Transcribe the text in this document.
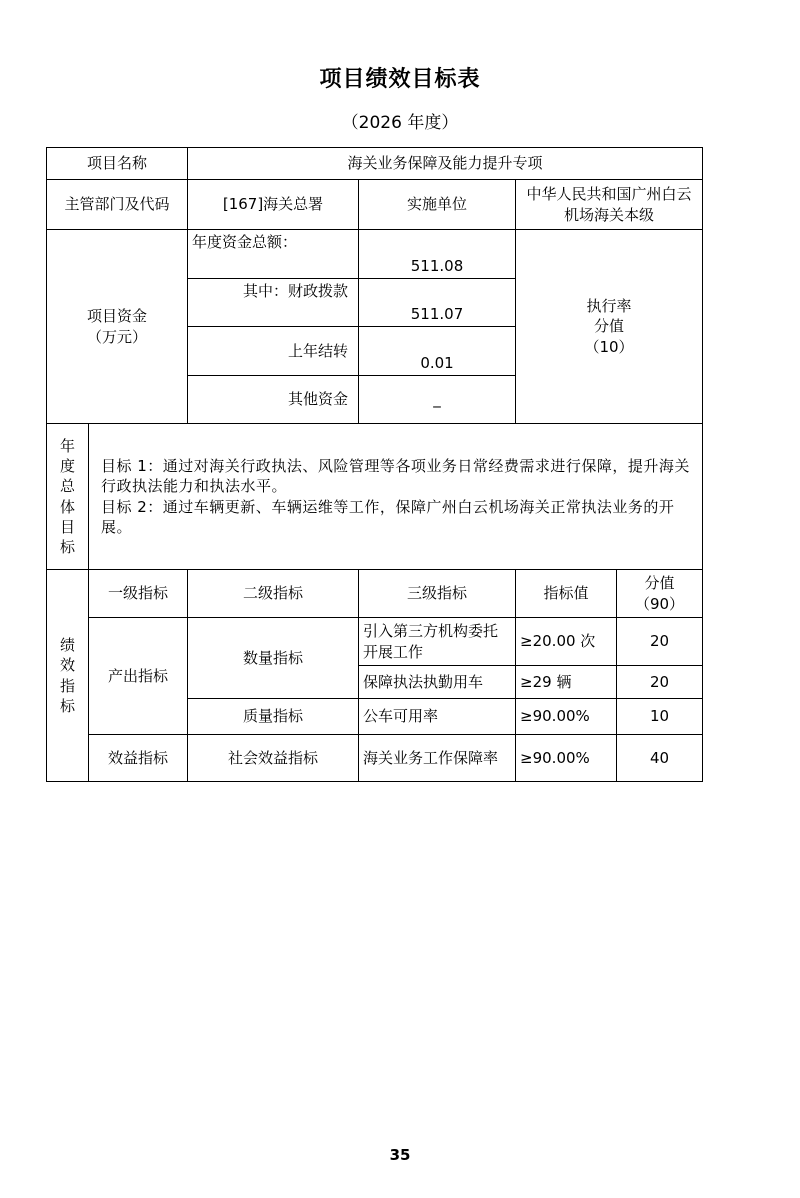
项目绩效目标表
（2026 年度）
项目名称		海关业务保障及能力提升专项			
主管部门及代码		[167]海关总署	实施单位	中华人民共和国广州白云机场海关本级	
项目资金
（万元）		年度资金总额：	511.08	执行率
分值
（10）	
		其中：财政拨款	511.07		
		上年结转	0.01		
		其他资金	_		
年度总体目标	目标 1：通过对海关行政执法、风险管理等各项业务日常经费需求进行保障，提升海关行政执法能力和执法水平。
目标 2：通过车辆更新、车辆运维等工作，保障广州白云机场海关正常执法业务的开展。				

绩效指标	一级指标	二级指标	三级指标	指标值	分值
（90）
	产出指标	数量指标	引入第三方机构委托开展工作	≥20.00 次	20
			保障执法执勤用车	≥29 辆	20
		质量指标	公车可用率	≥90.00%	10
	效益指标	社会效益指标	海关业务工作保障率	≥90.00%	40
35
